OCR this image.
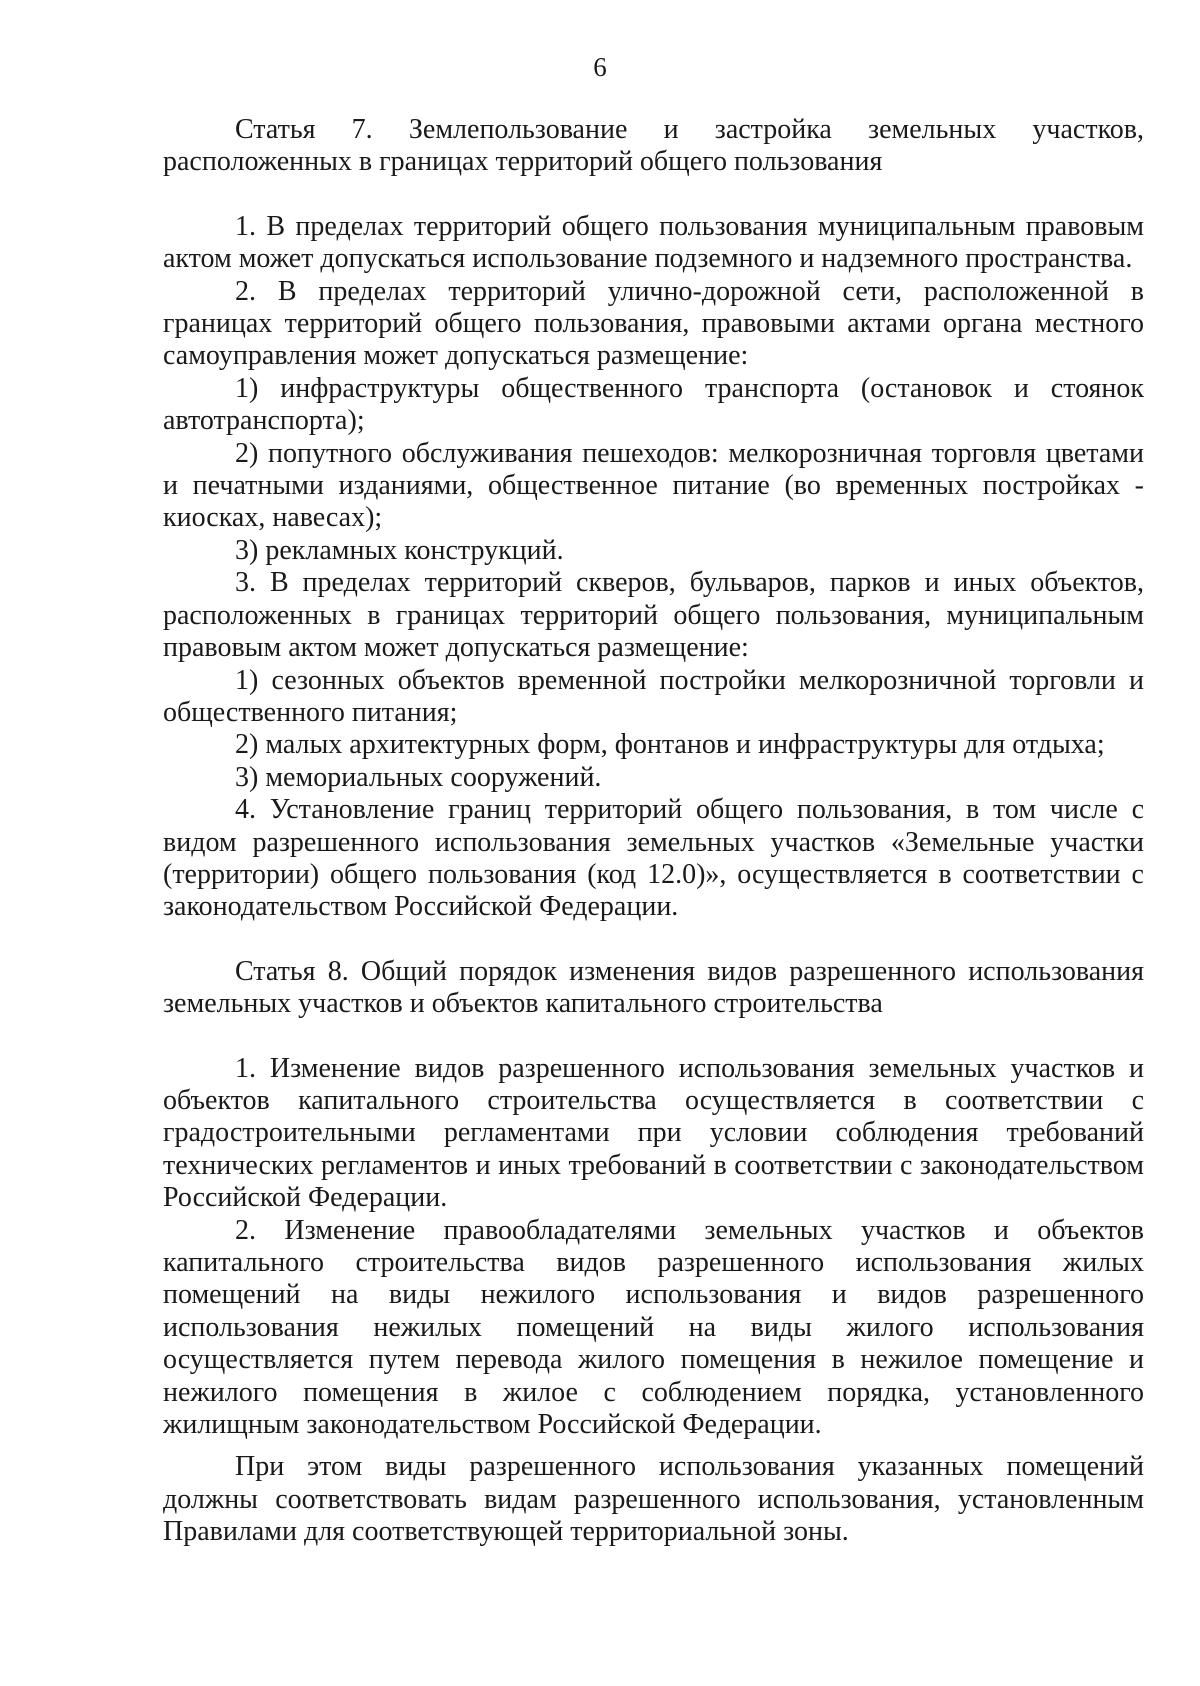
6

Статья 7. Землепользование и застройка земельных участков, расположенных в границах территорий общего пользования

1. В пределах территорий общего пользования муниципальным правовым актом может допускаться использование подземного и надземного пространства.

2. В пределах территорий улично-дорожной сети, расположенной в границах территорий общего пользования, правовыми актами органа местного самоуправления может допускаться размещение:

1) инфраструктуры общественного транспорта (остановок и стоянок автотранспорта);

2) попутного обслуживания пешеходов: мелкорозничная торговля цветами и печатными изданиями, общественное питание (во временных постройках - киосках, навесах);

3) рекламных конструкций.

3. В пределах территорий скверов, бульваров, парков и иных объектов, расположенных в границах территорий общего пользования, муниципальным правовым актом может допускаться размещение:

1) сезонных объектов временной постройки мелкорозничной торговли и общественного питания;

2) малых архитектурных форм, фонтанов и инфраструктуры для отдыха;

3) мемориальных сооружений.

4. Установление границ территорий общего пользования, в том числе с видом разрешенного использования земельных участков «Земельные участки (территории) общего пользования (код 12.0)», осуществляется в соответствии с законодательством Российской Федерации.

Статья 8. Общий порядок изменения видов разрешенного использования земельных участков и объектов капитального строительства

1. Изменение видов разрешенного использования земельных участков и объектов капитального строительства осуществляется в соответствии с градостроительными регламентами при условии соблюдения требований технических регламентов и иных требований в соответствии с законодательством Российской Федерации.

2. Изменение правообладателями земельных участков и объектов капитального строительства видов разрешенного использования жилых помещений на виды нежилого использования и видов разрешенного использования нежилых помещений на виды жилого использования осуществляется путем перевода жилого помещения в нежилое помещение и нежилого помещения в жилое с соблюдением порядка, установленного жилищным законодательством Российской Федерации.

При этом виды разрешенного использования указанных помещений должны соответствовать видам разрешенного использования, установленным Правилами для соответствующей территориальной зоны.
